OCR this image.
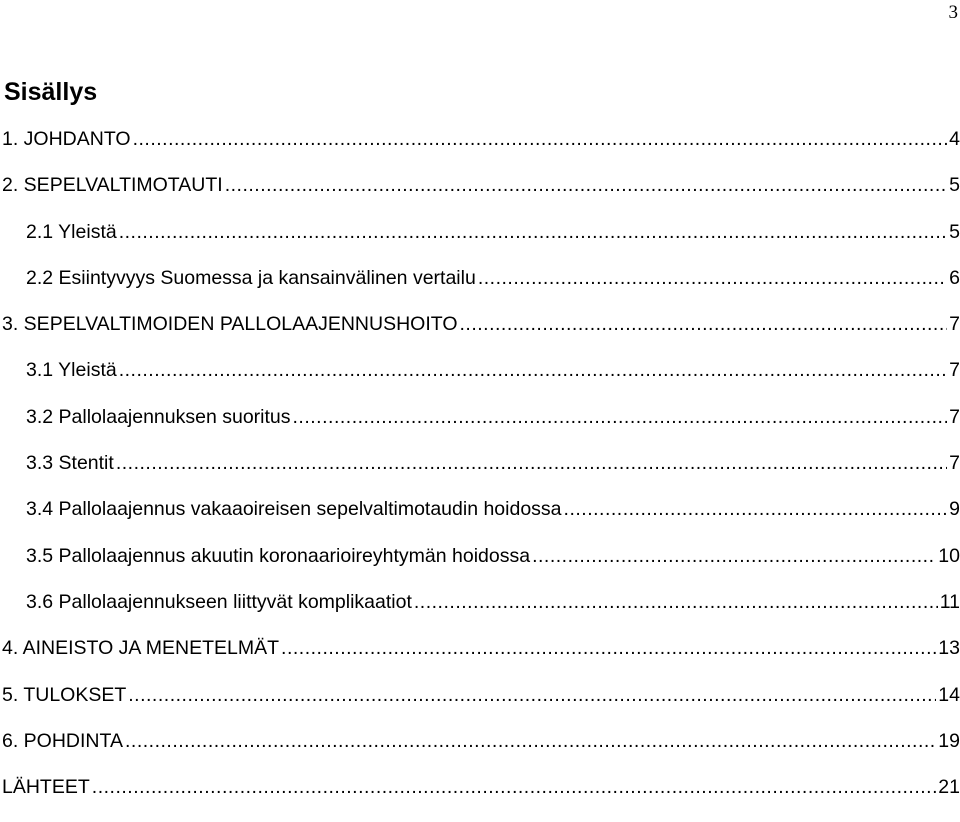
3
Sisällys
1. JOHDANTO .....	4
2. SEPELVALTIMOTAUTI .....	5
2.1 Yleistä .....	5
2.2 Esiintyvyys Suomessa ja kansainvälinen vertailu .....	6
3. SEPELVALTIMOIDEN PALLOLAAJENNUSHOITO .....	7
3.1 Yleistä .....	7
3.2 Pallolaajennuksen suoritus .....	7
3.3 Stentit .....	7
3.4 Pallolaajennus vakaaoireisen sepelvaltimotaudin hoidossa .....	9
3.5 Pallolaajennus akuutin koronaarioireyhtymän hoidossa .....	10
3.6 Pallolaajennukseen liittyvät komplikaatiot .....	11
4. AINEISTO JA MENETELMÄT .....	13
5. TULOKSET .....	14
6. POHDINTA .....	19
LÄHTEET .....	21
